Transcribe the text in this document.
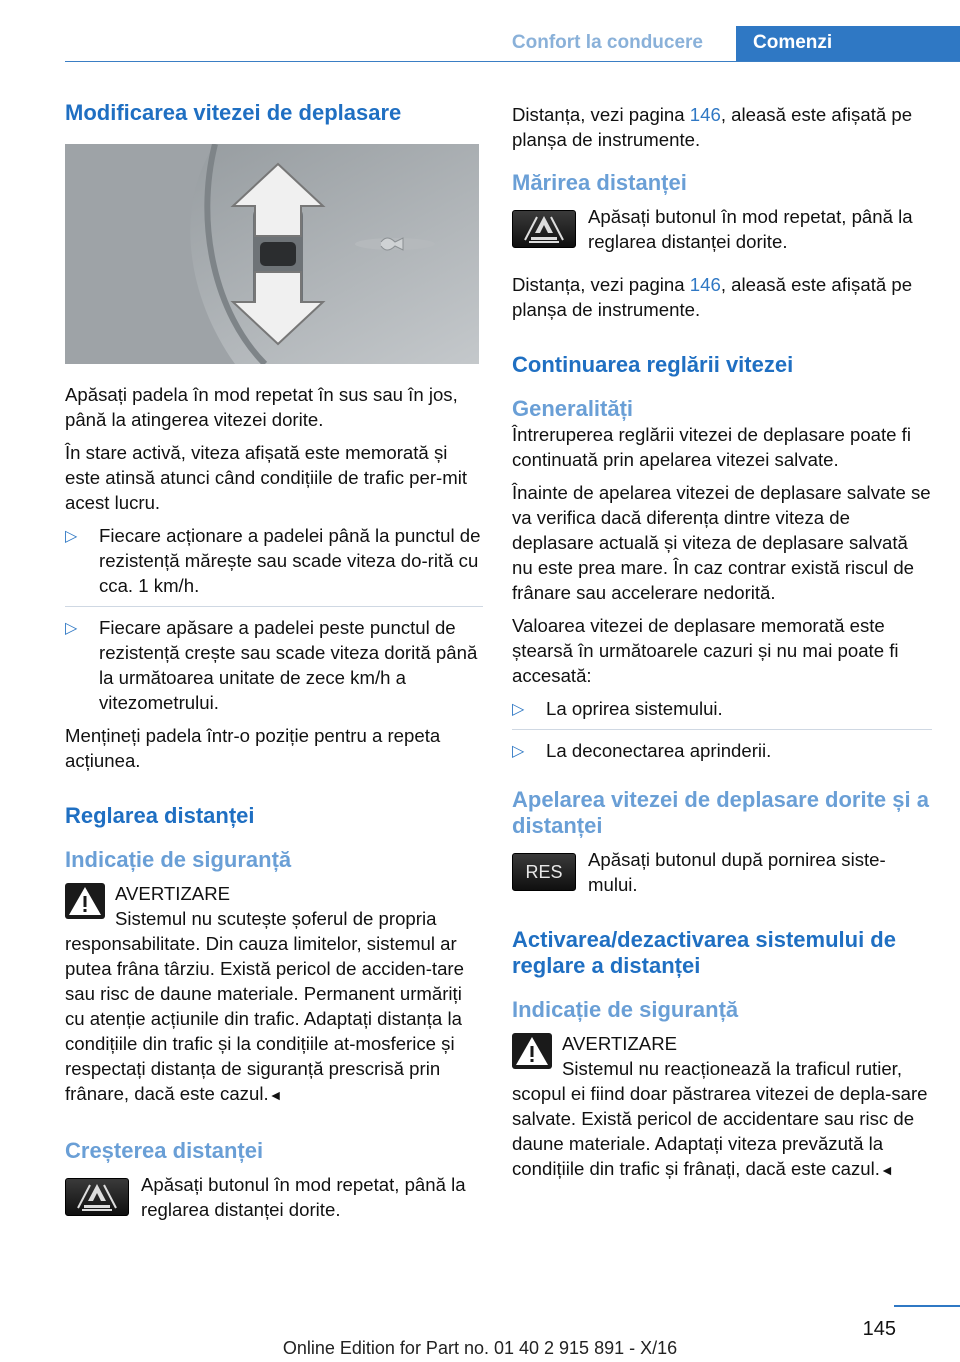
Confort la conducere	Comenzi
Modificarea vitezei de deplasare

Apăsați padela în mod repetat în sus sau în jos, până la atingerea vitezei dorite.

În stare activă, viteza afișată este memorată și este atinsă atunci când condițiile de trafic per-mit acest lucru.

▷ Fiecare acționare a padelei până la punctul de rezistență mărește sau scade viteza do-rită cu cca. 1 km/h.
▷ Fiecare apăsare a padelei peste punctul de rezistență crește sau scade viteza dorită până la următoarea unitate de zece km/h a vitezometrului.

Mențineți padela într-o poziție pentru a repeta acțiunea.

Reglarea distanței
Indicație de siguranță
AVERTIZARE
Sistemul nu scutește șoferul de propria

responsabilitate. Din cauza limitelor, sistemul ar putea frâna târziu. Există pericol de acciden-tare sau risc de daune materiale. Permanent urmăriți cu atenție acțiunile din trafic. Adaptați distanța la condițiile din trafic și la condițiile at-mosferice și respectați distanța de siguranță prescrisă prin frânare, dacă este cazul.◄

Creșterea distanței

Apăsați butonul în mod repetat, până la reglarea distanței dorite.

Distanța, vezi pagina 146, aleasă este afișată pe planșa de instrumente.

Mărirea distanței

Apăsați butonul în mod repetat, până la reglarea distanței dorite.

Distanța, vezi pagina 146, aleasă este afișată pe planșa de instrumente.

Continuarea reglării vitezei
Generalități

Întreruperea reglării vitezei de deplasare poate fi continuată prin apelarea vitezei salvate.

Înainte de apelarea vitezei de deplasare salvate se va verifica dacă diferența dintre viteza de deplasare actuală și viteza de deplasare salvată nu este prea mare. În caz contrar există riscul de frânare sau accelerare nedorită.

Valoarea vitezei de deplasare memorată este ștearsă în următoarele cazuri și nu mai poate fi accesată:

▷ La oprirea sistemului.
▷ La deconectarea aprinderii.
Apelarea vitezei de deplasare dorite și a distanței
RES

Apăsați butonul după pornirea siste-mului.

Activarea/dezactivarea sistemului de reglare a distanței
Indicație de siguranță
AVERTIZARE
Sistemul nu reacționează la traficul rutier,

scopul ei fiind doar păstrarea vitezei de depla-sare salvate. Există pericol de accidentare sau risc de daune materiale. Adaptați viteza prevăzută la condițiile din trafic și frânați, dacă este cazul.◄

145
Online Edition for Part no. 01 40 2 915 891 - X/16
